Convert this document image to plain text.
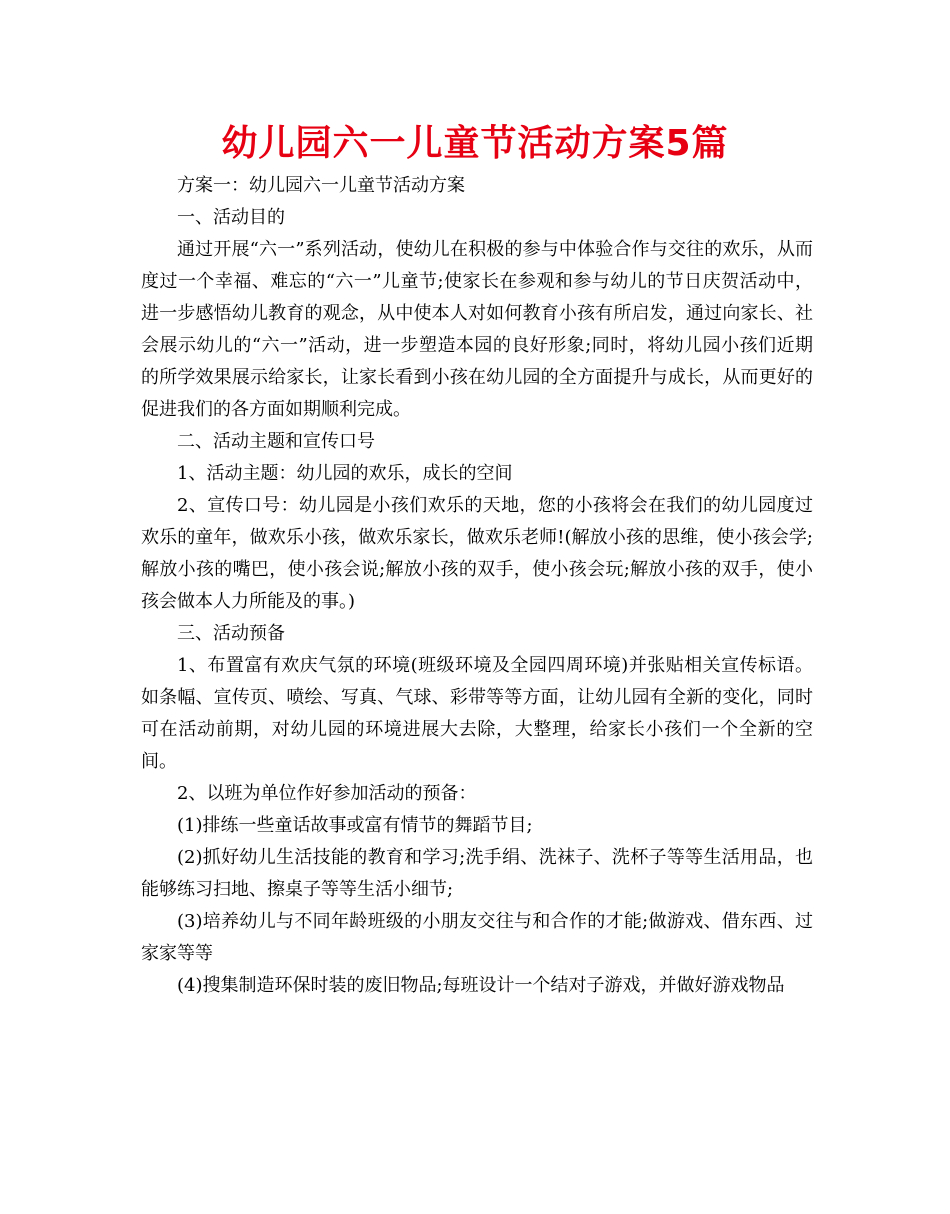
幼儿园六一儿童节活动方案5篇

方案一：幼儿园六一儿童节活动方案

一、活动目的

通过开展“六一”系列活动，使幼儿在积极的参与中体验合作与交往的欢乐，从而度过一个幸福、难忘的“六一”儿童节;使家长在参观和参与幼儿的节日庆贺活动中，进一步感悟幼儿教育的观念，从中使本人对如何教育小孩有所启发，通过向家长、社会展示幼儿的“六一”活动，进一步塑造本园的良好形象;同时，将幼儿园小孩们近期的所学效果展示给家长，让家长看到小孩在幼儿园的全方面提升与成长，从而更好的促进我们的各方面如期顺利完成。

二、活动主题和宣传口号

1、活动主题：幼儿园的欢乐，成长的空间

2、宣传口号：幼儿园是小孩们欢乐的天地，您的小孩将会在我们的幼儿园度过欢乐的童年，做欢乐小孩，做欢乐家长，做欢乐老师!(解放小孩的思维，使小孩会学;解放小孩的嘴巴，使小孩会说;解放小孩的双手，使小孩会玩;解放小孩的双手，使小孩会做本人力所能及的事。)

三、活动预备

1、布置富有欢庆气氛的环境(班级环境及全园四周环境)并张贴相关宣传标语。如条幅、宣传页、喷绘、写真、气球、彩带等等方面，让幼儿园有全新的变化，同时可在活动前期，对幼儿园的环境进展大去除，大整理，给家长小孩们一个全新的空间。

2、以班为单位作好参加活动的预备：

(1)排练一些童话故事或富有情节的舞蹈节目;

(2)抓好幼儿生活技能的教育和学习;洗手绢、洗袜子、洗杯子等等生活用品，也能够练习扫地、擦桌子等等生活小细节;

(3)培养幼儿与不同年龄班级的小朋友交往与和合作的才能;做游戏、借东西、过家家等等

(4)搜集制造环保时装的废旧物品;每班设计一个结对子游戏，并做好游戏物品
